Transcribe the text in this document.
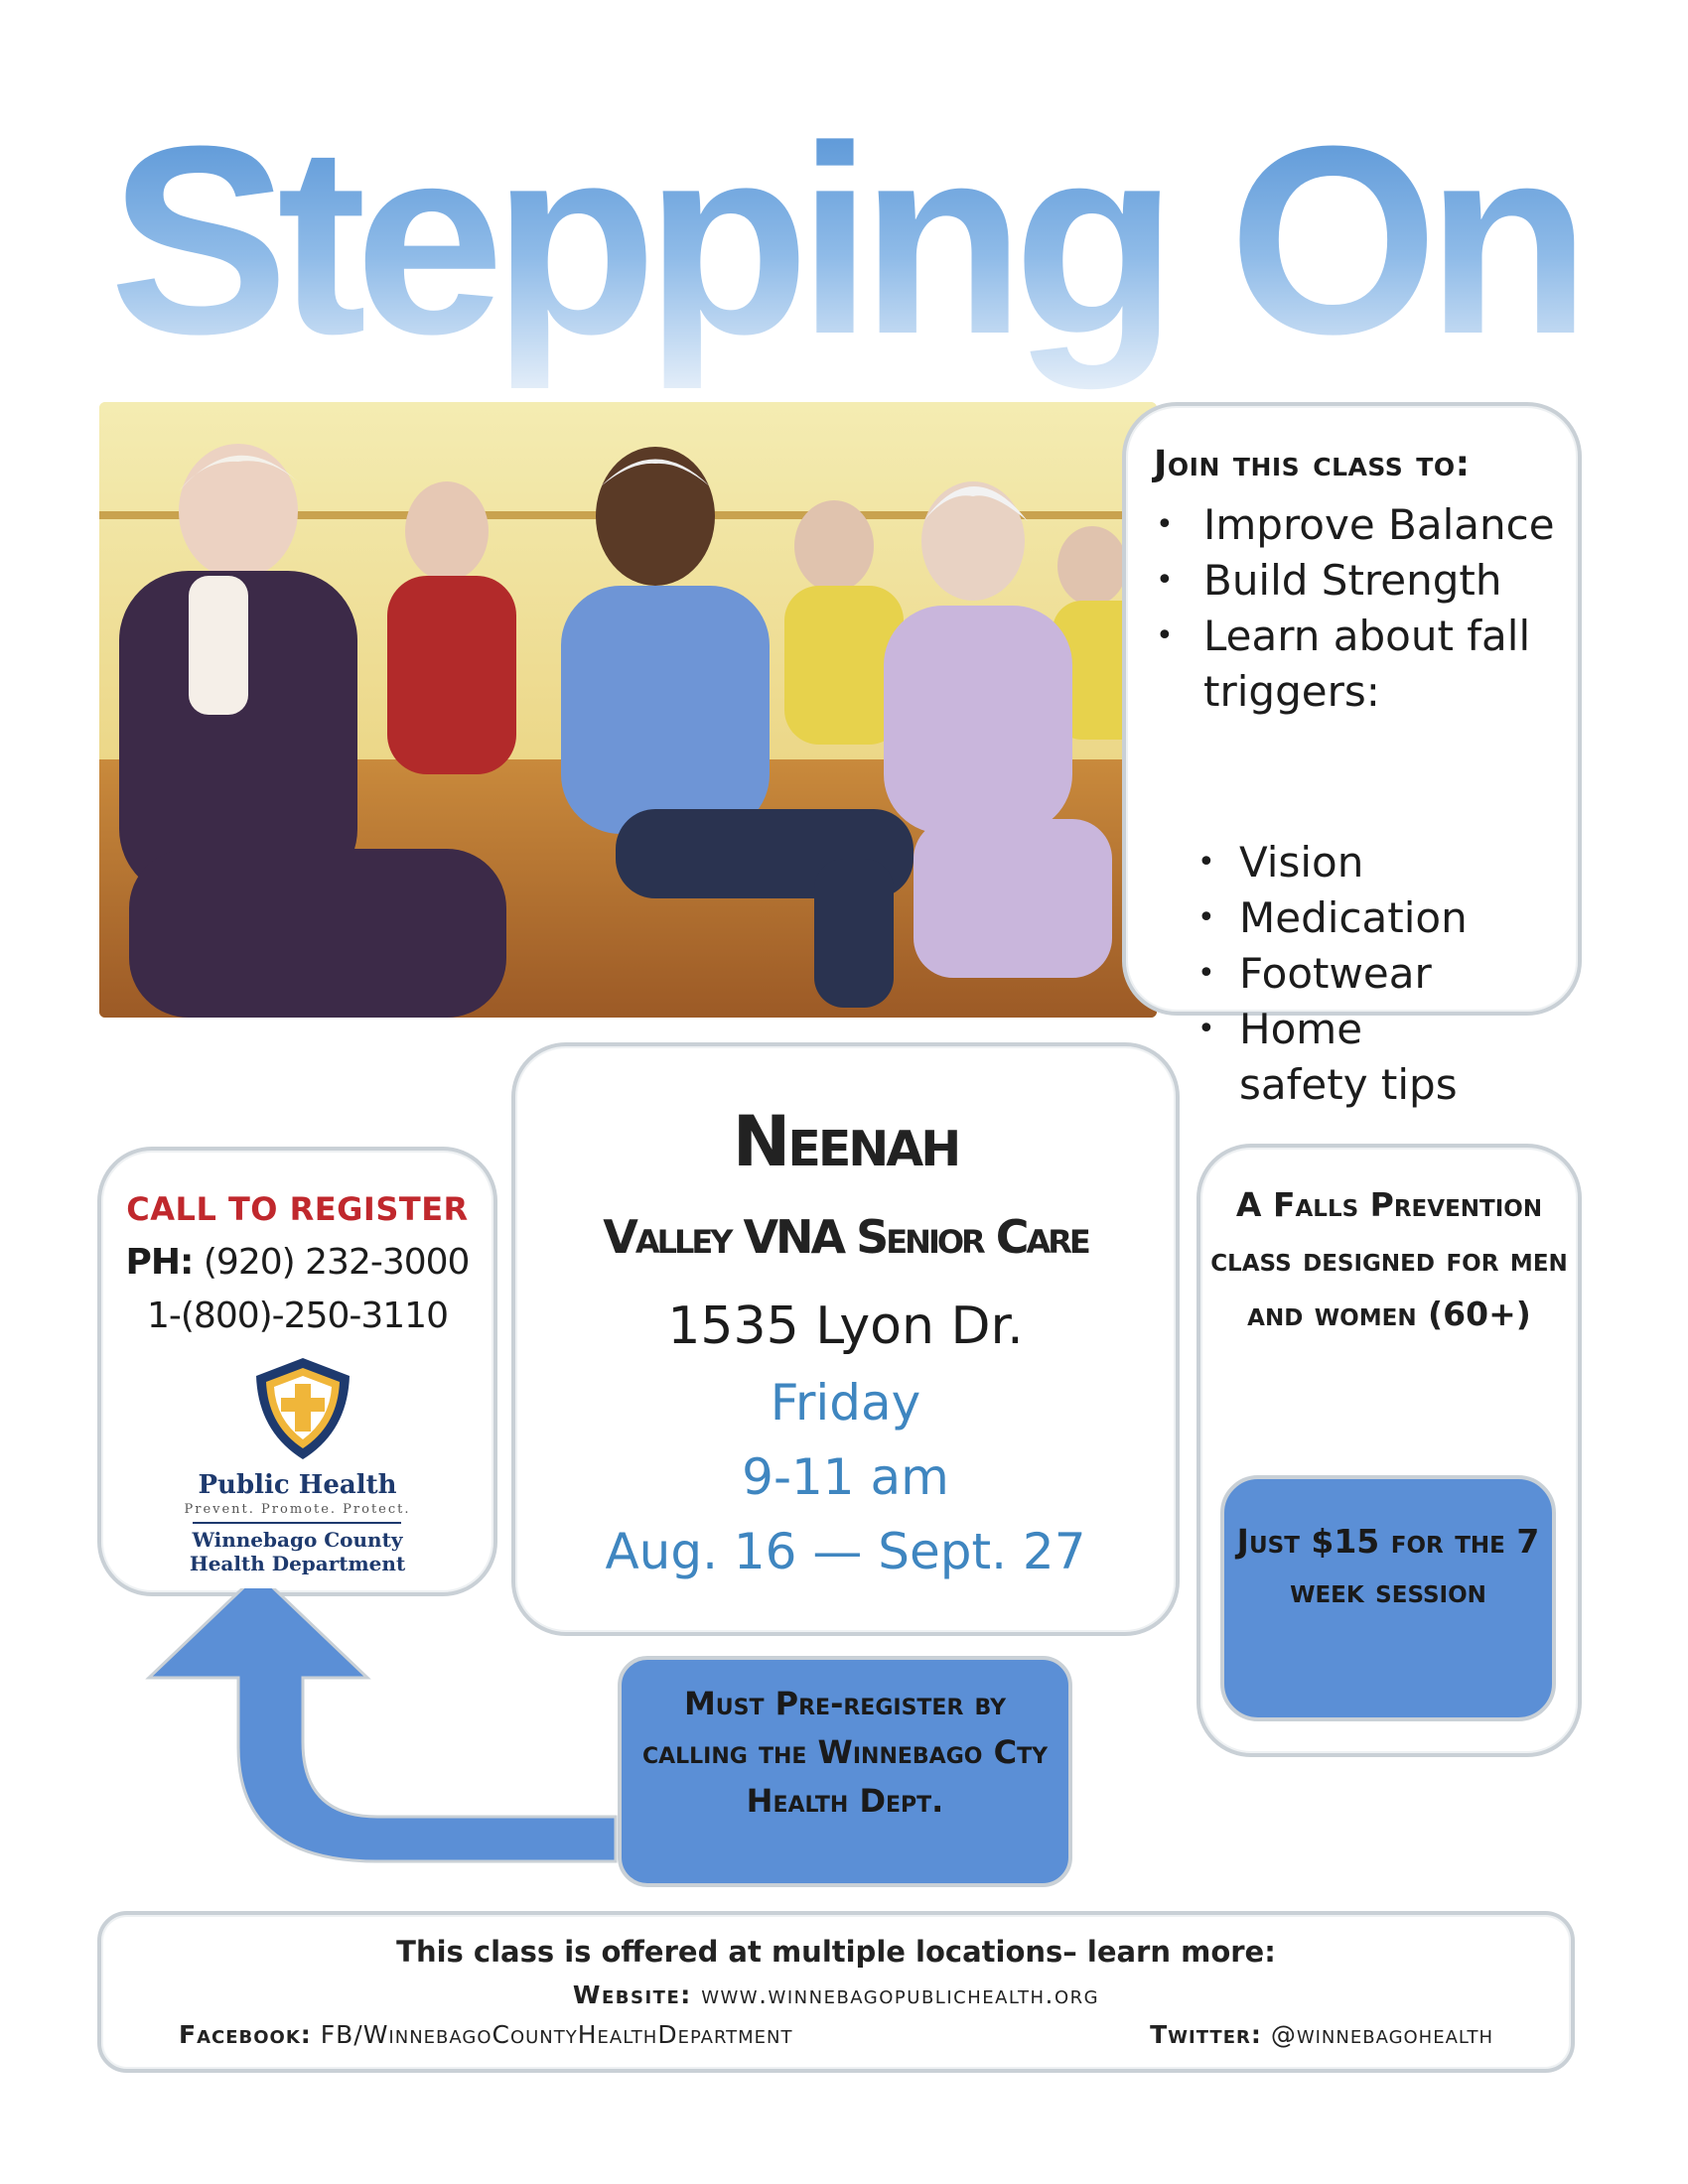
Stepping On
Join this class to:
• Improve Balance
• Build Strength
• Learn about fall triggers:
• Vision
• Medication
• Footwear
• Home safety tips
CALL TO REGISTER
PH: (920) 232-3000
1-(800)-250-3110
Public Health
Prevent. Promote. Protect.
Winnebago County
Health Department
Neenah
Valley VNA Senior Care
1535 Lyon Dr.
Friday
9-11 am
Aug. 16 — Sept. 27
A Falls Prevention class designed for men and women (60+)
Just $15 for the 7 week session
Must Pre-register by calling the Winnebago Cty Health Dept.
This class is offered at multiple locations– learn more:
Website: www.winnebagopublichealth.org
Facebook: FB/WinnebagoCountyHealthDepartment	Twitter: @winnebagohealth
